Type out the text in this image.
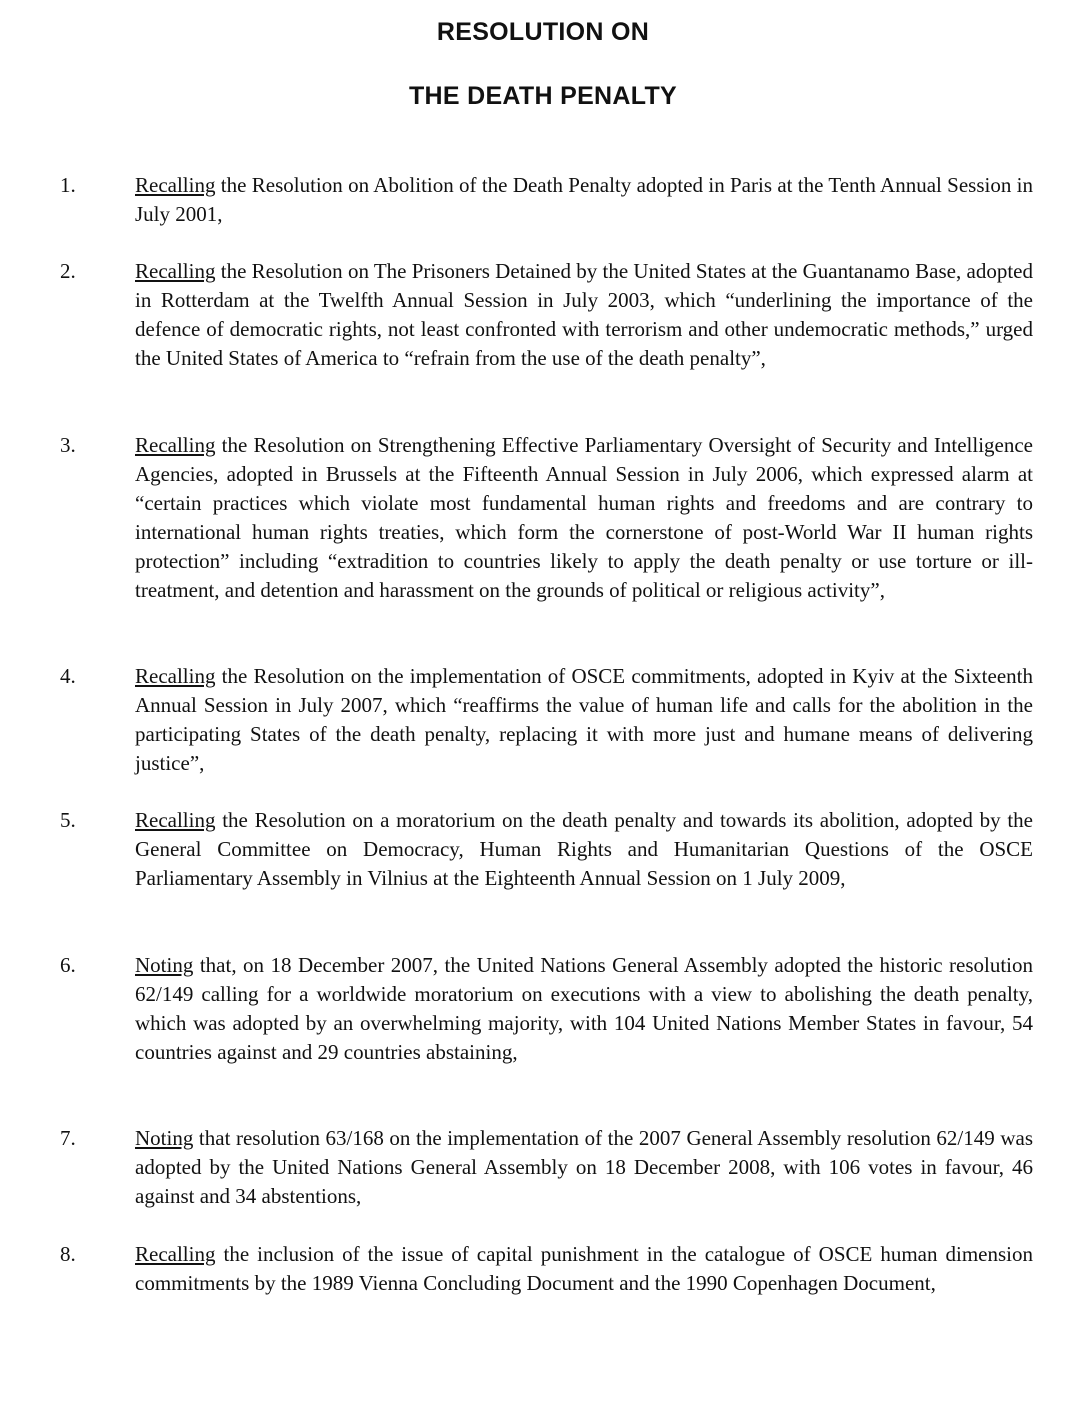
RESOLUTION ON
THE DEATH PENALTY
1.	Recalling the Resolution on Abolition of the Death Penalty adopted in Paris at the Tenth Annual Session in July 2001,

2.	Recalling the Resolution on The Prisoners Detained by the United States at the Guantanamo Base, adopted in Rotterdam at the Twelfth Annual Session in July 2003, which “underlining the importance of the defence of democratic rights, not least confronted with terrorism and other undemocratic methods,” urged the United States of America to “refrain from the use of the death penalty”,

3.	Recalling the Resolution on Strengthening Effective Parliamentary Oversight of Security and Intelligence Agencies, adopted in Brussels at the Fifteenth Annual Session in July 2006, which expressed alarm at “certain practices which violate most fundamental human rights and freedoms and are contrary to international human rights treaties, which form the cornerstone of post-World War II human rights protection” including “extradition to countries likely to apply the death penalty or use torture or ill-treatment, and detention and harassment on the grounds of political or religious activity”,

4.	Recalling the Resolution on the implementation of OSCE commitments, adopted in Kyiv at the Sixteenth Annual Session in July 2007, which “reaffirms the value of human life and calls for the abolition in the participating States of the death penalty, replacing it with more just and humane means of delivering justice”,

5.	Recalling the Resolution on a moratorium on the death penalty and towards its abolition, adopted by the General Committee on Democracy, Human Rights and Humanitarian Questions of the OSCE Parliamentary Assembly in Vilnius at the Eighteenth Annual Session on 1 July 2009,

6.	Noting that, on 18 December 2007, the United Nations General Assembly adopted the historic resolution 62/149 calling for a worldwide moratorium on executions with a view to abolishing the death penalty, which was adopted by an overwhelming majority, with 104 United Nations Member States in favour, 54 countries against and 29 countries abstaining,

7.	Noting that resolution 63/168 on the implementation of the 2007 General Assembly resolution 62/149 was adopted by the United Nations General Assembly on 18 December 2008, with 106 votes in favour, 46 against and 34 abstentions,

8.	Recalling the inclusion of the issue of capital punishment in the catalogue of OSCE human dimension commitments by the 1989 Vienna Concluding Document and the 1990 Copenhagen Document,
